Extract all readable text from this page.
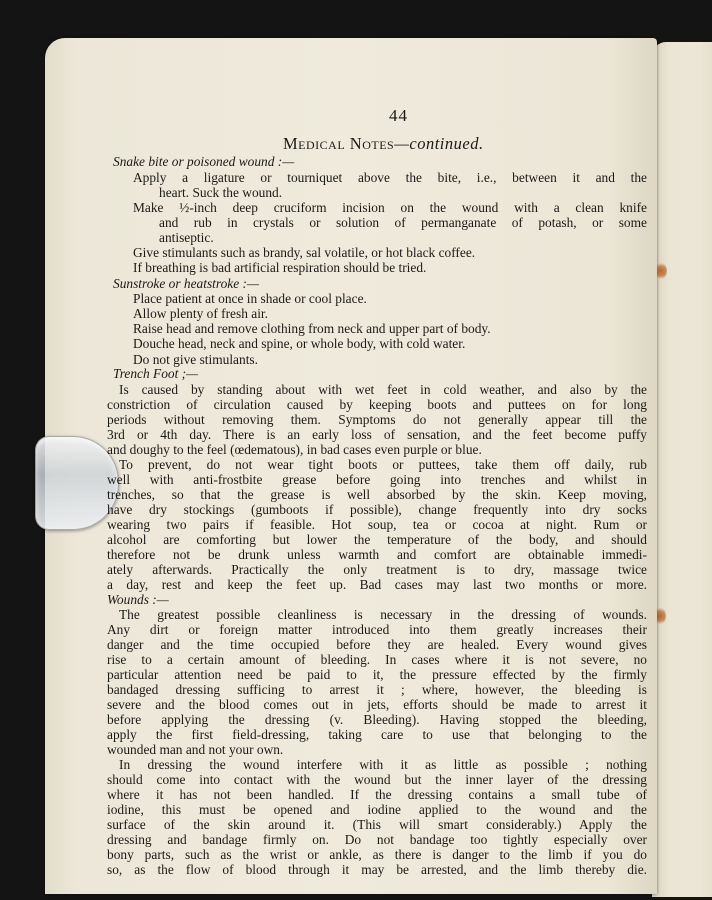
44
Medical Notes—continued.
Snake bite or poisoned wound :—
Apply a ligature or tourniquet above the bite, i.e., between it and the
heart. Suck the wound.
Make ½-inch deep cruciform incision on the wound with a clean knife
and rub in crystals or solution of permanganate of potash, or some
antiseptic.
Give stimulants such as brandy, sal volatile, or hot black coffee.
If breathing is bad artificial respiration should be tried.
Sunstroke or heatstroke :—
Place patient at once in shade or cool place.
Allow plenty of fresh air.
Raise head and remove clothing from neck and upper part of body.
Douche head, neck and spine, or whole body, with cold water.
Do not give stimulants.
Trench Foot ;—
Is caused by standing about with wet feet in cold weather, and also by the
constriction of circulation caused by keeping boots and puttees on for long
periods without removing them. Symptoms do not generally appear till the
3rd or 4th day. There is an early loss of sensation, and the feet become puffy
and doughy to the feel (œdematous), in bad cases even purple or blue.
To prevent, do not wear tight boots or puttees, take them off daily, rub
well with anti-frostbite grease before going into trenches and whilst in
trenches, so that the grease is well absorbed by the skin. Keep moving,
have dry stockings (gumboots if possible), change frequently into dry socks
wearing two pairs if feasible. Hot soup, tea or cocoa at night. Rum or
alcohol are comforting but lower the temperature of the body, and should
therefore not be drunk unless warmth and comfort are obtainable immedi-
ately afterwards. Practically the only treatment is to dry, massage twice
a day, rest and keep the feet up. Bad cases may last two months or more.
Wounds :—
The greatest possible cleanliness is necessary in the dressing of wounds.
Any dirt or foreign matter introduced into them greatly increases their
danger and the time occupied before they are healed. Every wound gives
rise to a certain amount of bleeding. In cases where it is not severe, no
particular attention need be paid to it, the pressure effected by the firmly
bandaged dressing sufficing to arrest it ; where, however, the bleeding is
severe and the blood comes out in jets, efforts should be made to arrest it
before applying the dressing (v. Bleeding). Having stopped the bleeding,
apply the first field-dressing, taking care to use that belonging to the
wounded man and not your own.
In dressing the wound interfere with it as little as possible ; nothing
should come into contact with the wound but the inner layer of the dressing
where it has not been handled. If the dressing contains a small tube of
iodine, this must be opened and iodine applied to the wound and the
surface of the skin around it. (This will smart considerably.) Apply the
dressing and bandage firmly on. Do not bandage too tightly especially over
bony parts, such as the wrist or ankle, as there is danger to the limb if you do
so, as the flow of blood through it may be arrested, and the limb thereby die.
